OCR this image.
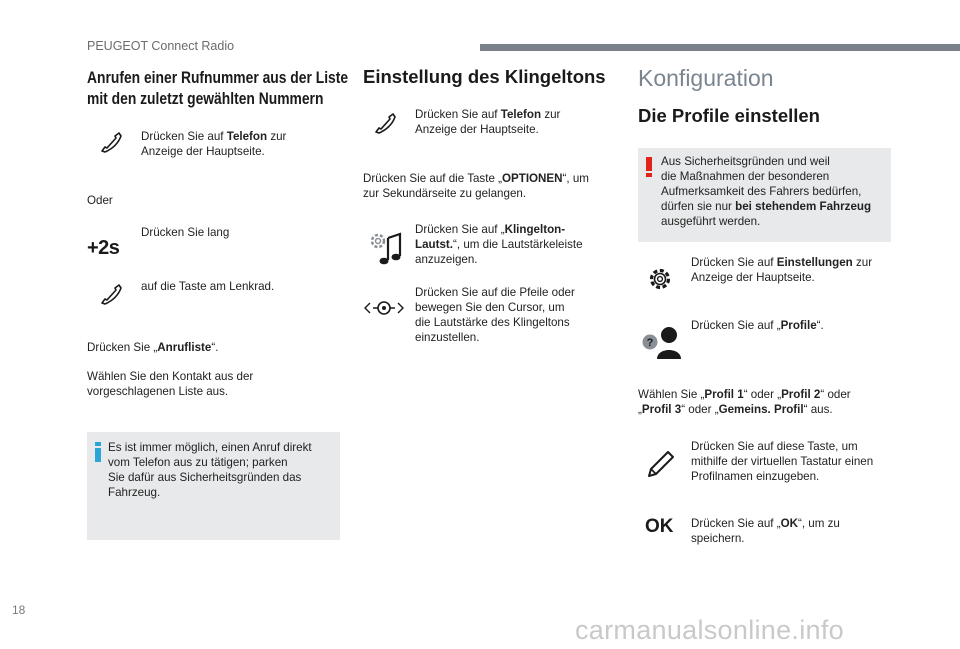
PEUGEOT Connect Radio
Anrufen einer Rufnummer aus der Liste
mit den zuletzt gewählten Nummern
Drücken Sie auf Telefon zur
Anzeige der Hauptseite.
Oder
+2s
Drücken Sie lang
auf die Taste am Lenkrad.
Drücken Sie „Anrufliste“.
Wählen Sie den Kontakt aus der
vorgeschlagenen Liste aus.
Es ist immer möglich, einen Anruf direkt
vom Telefon aus zu tätigen; parken
Sie dafür aus Sicherheitsgründen das
Fahrzeug.
Einstellung des Klingeltons
Drücken Sie auf Telefon zur
Anzeige der Hauptseite.
Drücken Sie auf die Taste „OPTIONEN“, um
zur Sekundärseite zu gelangen.
Drücken Sie auf „Klingelton-
Lautst.“, um die Lautstärkeleiste
anzuzeigen.
Drücken Sie auf die Pfeile oder
bewegen Sie den Cursor, um
die Lautstärke des Klingeltons
einzustellen.
Konfiguration
Die Profile einstellen
Aus Sicherheitsgründen und weil
die Maßnahmen der besonderen
Aufmerksamkeit des Fahrers bedürfen,
dürfen sie nur bei stehendem Fahrzeug
ausgeführt werden.
Drücken Sie auf Einstellungen zur
Anzeige der Hauptseite.
?
Drücken Sie auf „Profile“.
Wählen Sie „Profil 1“ oder „Profil 2“ oder
„Profil 3“ oder „Gemeins. Profil“ aus.
Drücken Sie auf diese Taste, um
mithilfe der virtuellen Tastatur einen
Profilnamen einzugeben.
OK Drücken Sie auf „OK“, um zu
speichern.
18
carmanualsonline.info
